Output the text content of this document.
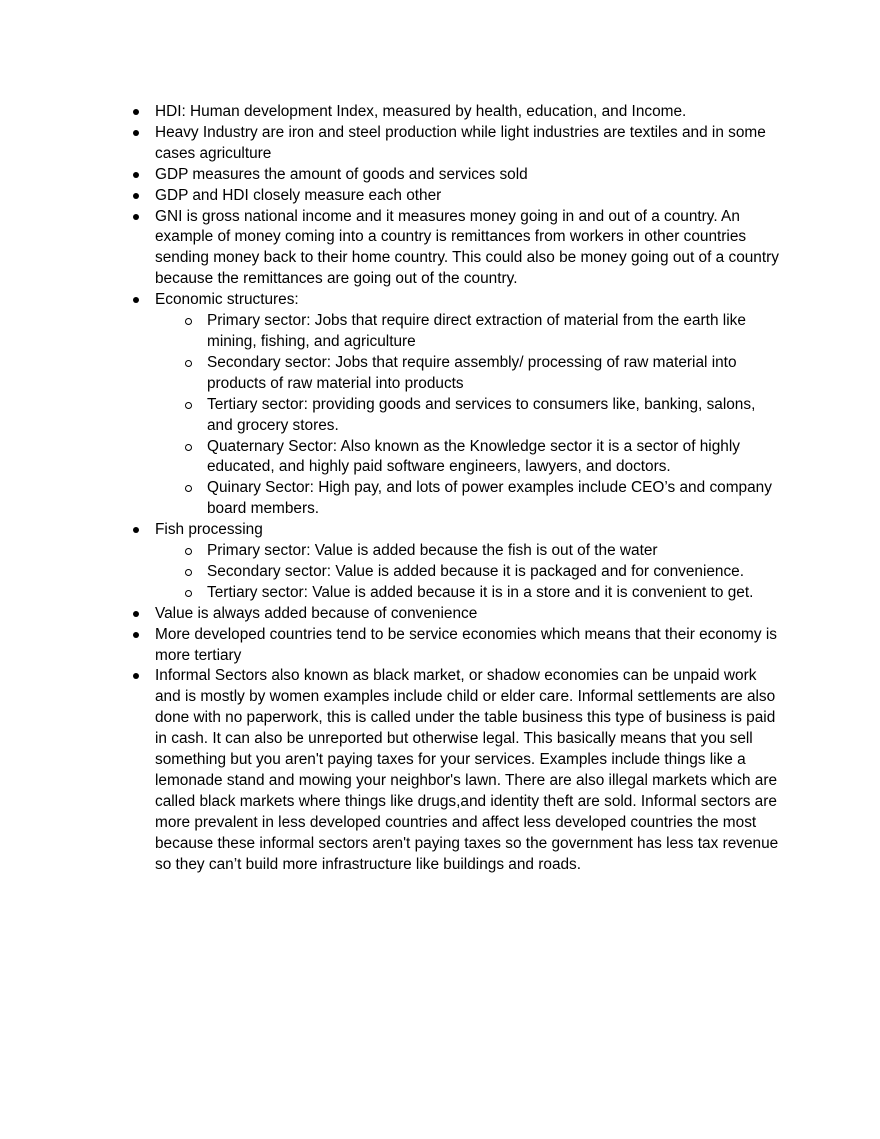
HDI: Human development Index, measured by health, education, and Income.
Heavy Industry are iron and steel production while light industries are textiles and in some cases agriculture
GDP measures the amount of goods and services sold
GDP and HDI closely measure each other
GNI is gross national income and it measures money going in and out of a country. An example of money coming into a country is remittances from workers in other countries sending money back to their home country. This could also be money going out of a country because the remittances are going out of the country.
Economic structures:
Primary sector: Jobs that require direct extraction of material from the earth like mining, fishing, and agriculture
Secondary sector: Jobs that require assembly/ processing of raw material into products of raw material into products
Tertiary sector: providing goods and services to consumers like, banking, salons, and grocery stores.
Quaternary Sector: Also known as the Knowledge sector it is a sector of highly educated, and highly paid software engineers, lawyers, and doctors.
Quinary Sector: High pay, and lots of power examples include CEO’s and company board members.
Fish processing
Primary sector: Value is added because the fish is out of the water
Secondary sector: Value is added because it is packaged and for convenience.
Tertiary sector: Value is added because it is in a store and it is convenient to get.
Value is always added because of convenience
More developed countries tend to be service economies which means that their economy is more tertiary
Informal Sectors also known as black market, or shadow economies can be unpaid work and is mostly by women examples include child or elder care. Informal settlements are also done with no paperwork, this is called under the table business this type of business is paid in cash. It can also be unreported but otherwise legal. This basically means that you sell something but you aren't paying taxes for your services. Examples include things like a lemonade stand and mowing your neighbor's lawn. There are also illegal markets which are called black markets where things like drugs,and identity theft are sold. Informal sectors are more prevalent in less developed countries and affect less developed countries the most because these informal sectors aren't paying taxes so the government has less tax revenue so they can’t build more infrastructure like buildings and roads.
